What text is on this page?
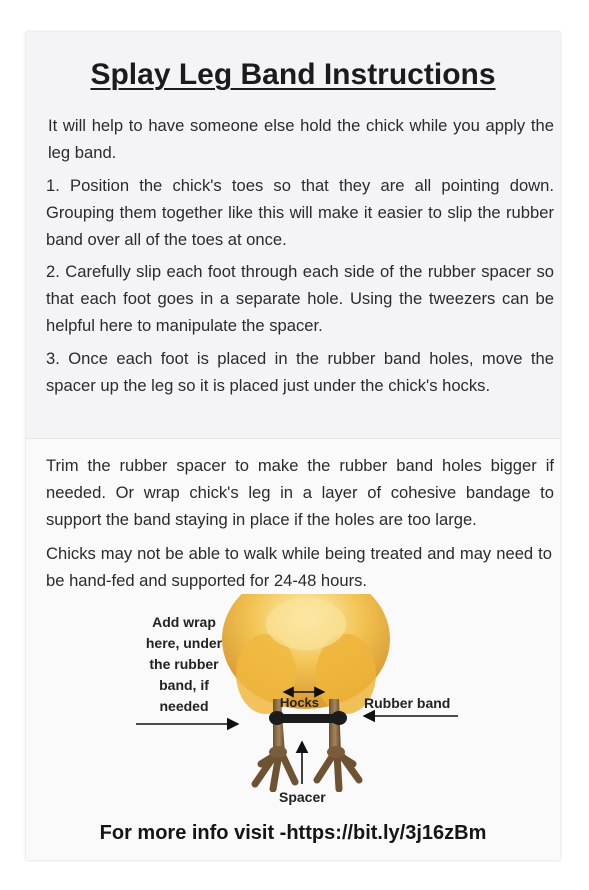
Splay Leg Band Instructions

It will help to have someone else hold the chick while you apply the leg band.

1. Position the chick's toes so that they are all pointing down. Grouping them together like this will make it easier to slip the rubber band over all of the toes at once.

2. Carefully slip each foot through each side of the rubber spacer so that each foot goes in a separate hole. Using the tweezers can be helpful here to manipulate the spacer.

3. Once each foot is placed in the rubber band holes, move the spacer up the leg so it is placed just under the chick's hocks.

Trim the rubber spacer to make the rubber band holes bigger if needed. Or wrap chick's leg in a layer of cohesive bandage to support the band staying in place if the holes are too large.

Chicks may not be able to walk while being treated and may need to be hand-fed and supported for 24-48 hours.

Add wrap here, under the rubber band, if needed	Hocks	Rubber band

Spacer

For more info visit -https://bit.ly/3j16zBm
